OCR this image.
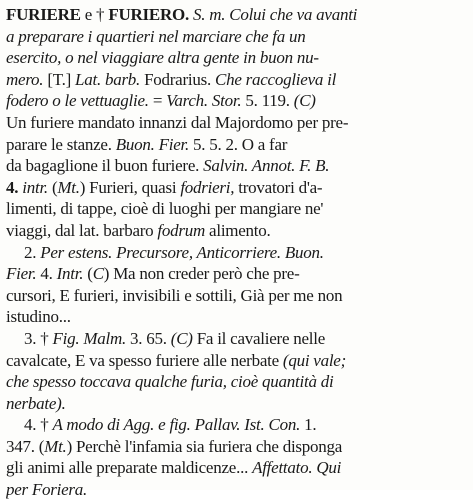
FURIERE e † FURIERO. S. m. Colui che va avanti
a preparare i quartieri nel marciare che fa un
esercito, o nel viaggiare altra gente in buon nu-
mero. [T.] Lat. barb. Fodrarius. Che raccoglieva il
fodero o le vettuaglie. = Varch. Stor. 5. 119. (C)
Un furiere mandato innanzi dal Majordomo per pre-
parare le stanze. Buon. Fier. 5. 5. 2. O a far
da bagaglione il buon furiere. Salvin. Annot. F. B.
4. intr. (Mt.) Furieri, quasi fodrieri, trovatori d'a-
limenti, di tappe, cioè di luoghi per mangiare ne'
viaggi, dal lat. barbaro fodrum alimento.
2. Per estens. Precursore, Anticorriere. Buon.
Fier. 4. Intr. (C) Ma non creder però che pre-
cursori, E furieri, invisibili e sottili, Già per me non
istudino...
3. † Fig. Malm. 3. 65. (C) Fa il cavaliere nelle
cavalcate, E va spesso furiere alle nerbate (qui vale;
che spesso toccava qualche furia, cioè quantità di
nerbate).
4. † A modo di Agg. e fig. Pallav. Ist. Con. 1.
347. (Mt.) Perchè l'infamia sia furiera che disponga
gli animi alle preparate maldicenze... Affettato. Qui
per Foriera.
